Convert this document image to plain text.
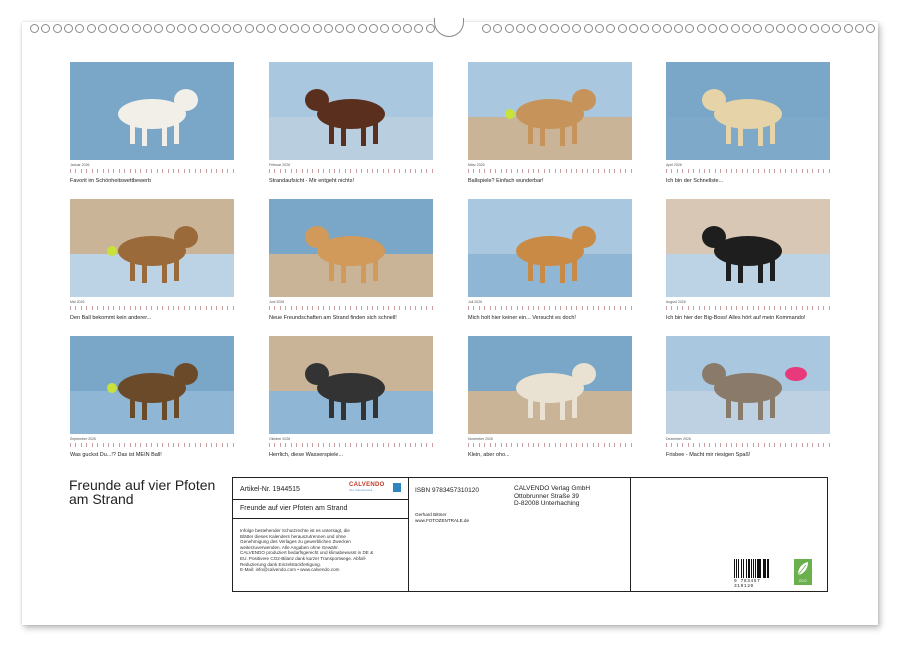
Januar 2026
Favorit im Schönheitswettbewerb
Februar 2026
Strandaufsicht - Mir entgeht nichts!
März 2026
Ballspiele? Einfach wunderbar!
April 2026
Ich bin der Schnellste...
Mai 2026
Den Ball bekommt kein anderer...
Juni 2026
Neue Freundschaften am Strand finden sich schnell!
Juli 2026
Mich holt hier keiner ein... Versucht es doch!
August 2026
Ich bin hier der Big-Boss! Alles hört auf mein Kommando!
September 2026
Was guckst Du...!? Das ist MEIN Ball!
Oktober 2026
Herrlich, diese Wasserspiele...
November 2026
Klein, aber oho...
Dezember 2026
Frisbee - Macht mir riesigen Spaß!
Freunde auf vier Pfoten am Strand
Artikel-Nr. 1944515
CALVENDO
Ihre Kalenderwelt
Freunde auf vier Pfoten am Strand
Infolge bestehender Schutzrechte ist es untersagt, die
Blätter dieses Kalenders herauszutrennen und ohne
Genehmigung des Verlages zu gewerblichen Zwecken
weiterzuverwenden. Alle Angaben ohne Gewähr.
CALVENDO produziert bedarfsgerecht und klimabewusst in DE &
EU. Positivere CO2-Bilanz dank kurzer Transportwege. Abfall-
Reduzierung dank Einzelstückfertigung.
E-Mail: info@calvendo.com • www.calvendo.com
ISBN 9783457310120	CALVENDO Verlag GmbH
Ottobrunner Straße 39
D-82008 Unterhaching
Gerhard Bittner
www.FOTOZENTRALE.de
9 783457 310120
ECO
